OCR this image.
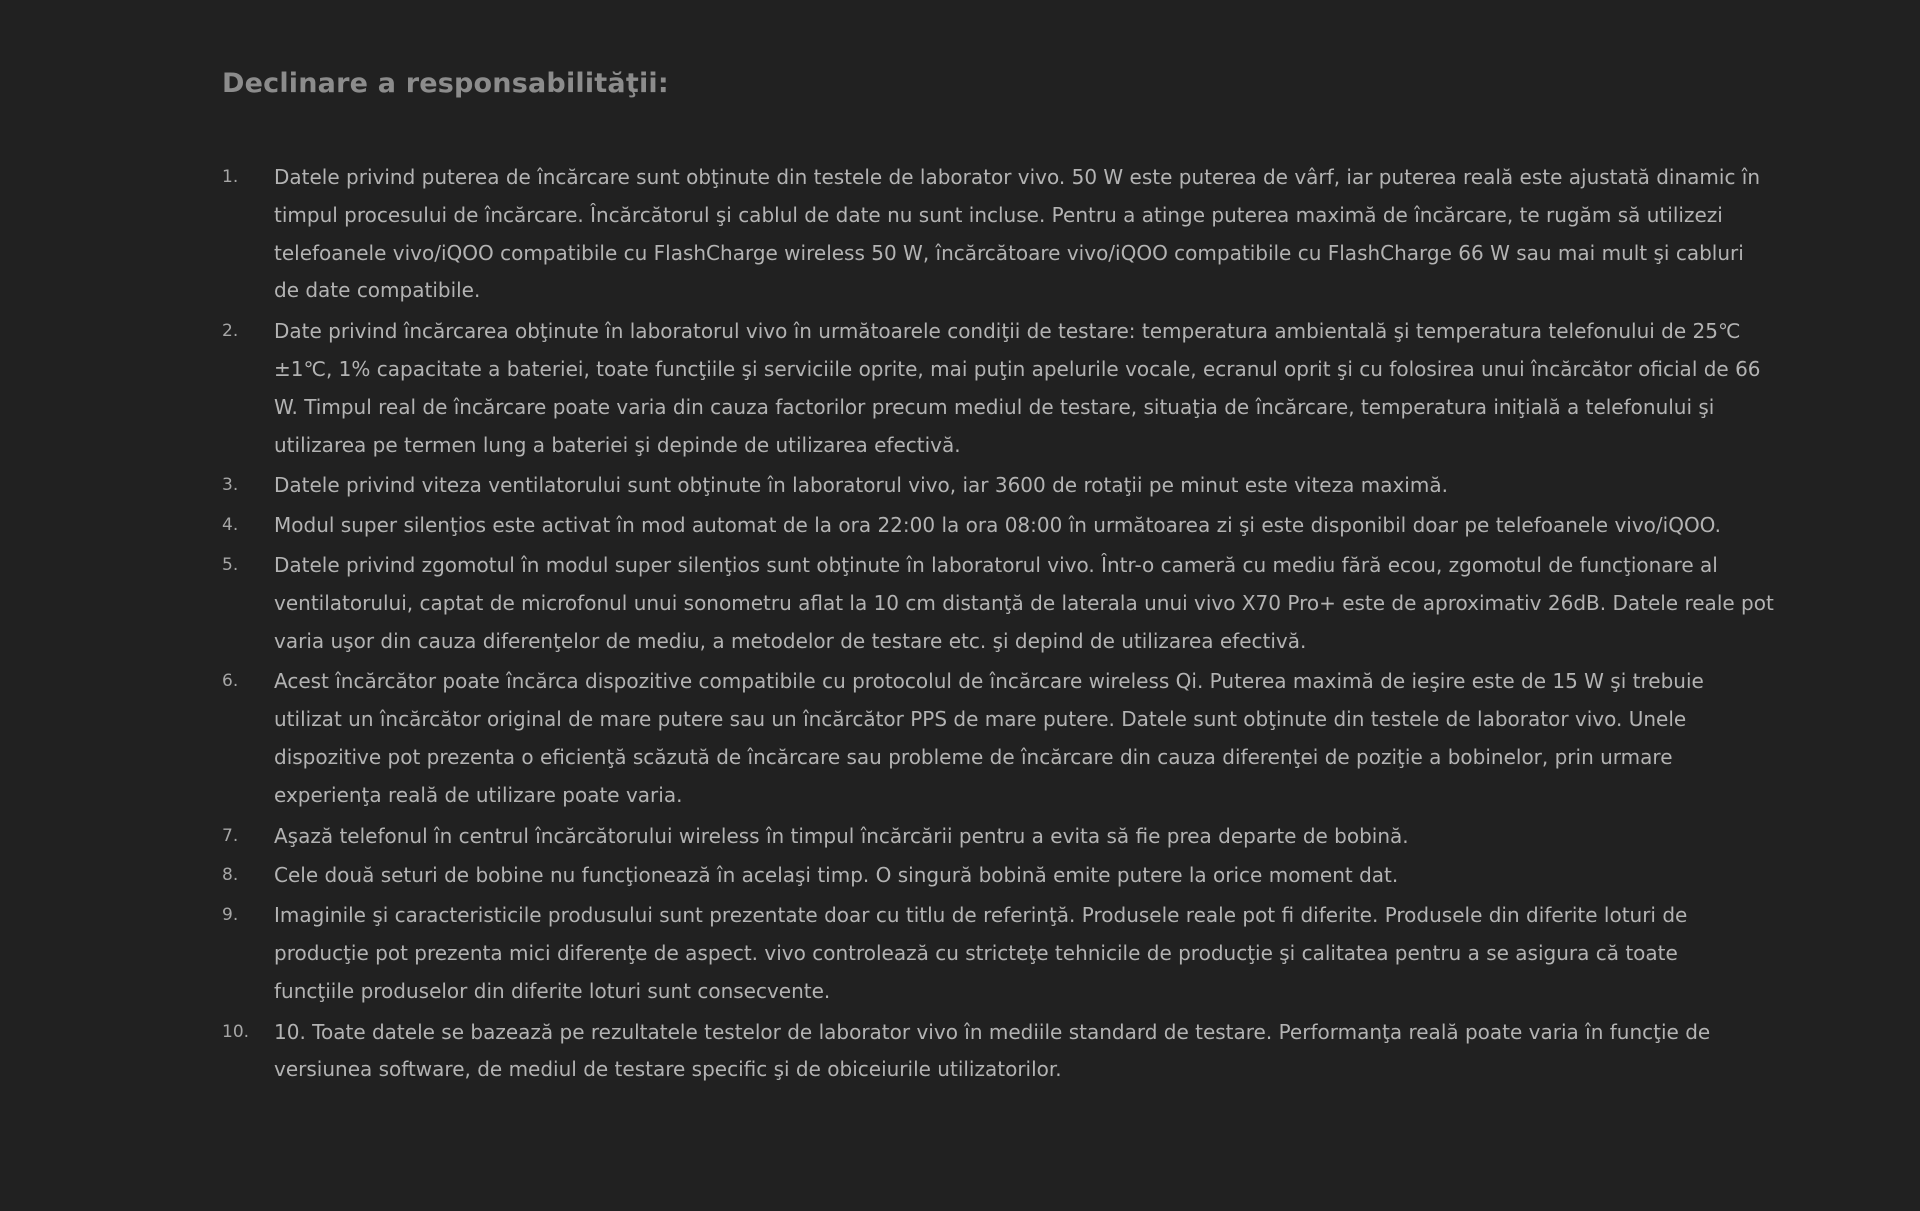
Declinare a responsabilităţii:
1. Datele privind puterea de încărcare sunt obţinute din testele de laborator vivo. 50 W este puterea de vârf, iar puterea reală este ajustată dinamic în timpul procesului de încărcare. Încărcătorul şi cablul de date nu sunt incluse. Pentru a atinge puterea maximă de încărcare, te rugăm să utilizezi telefoanele vivo/iQOO compatibile cu FlashCharge wireless 50 W, încărcătoare vivo/iQOO compatibile cu FlashCharge 66 W sau mai mult şi cabluri de date compatibile.
2. Date privind încărcarea obţinute în laboratorul vivo în următoarele condiţii de testare: temperatura ambientală şi temperatura telefonului de 25℃±1℃, 1% capacitate a bateriei, toate funcţiile şi serviciile oprite, mai puţin apelurile vocale, ecranul oprit şi cu folosirea unui încărcător oficial de 66 W. Timpul real de încărcare poate varia din cauza factorilor precum mediul de testare, situaţia de încărcare, temperatura iniţială a telefonului şi utilizarea pe termen lung a bateriei şi depinde de utilizarea efectivă.
3. Datele privind viteza ventilatorului sunt obţinute în laboratorul vivo, iar 3600 de rotaţii pe minut este viteza maximă.
4. Modul super silenţios este activat în mod automat de la ora 22:00 la ora 08:00 în următoarea zi şi este disponibil doar pe telefoanele vivo/iQOO.
5. Datele privind zgomotul în modul super silenţios sunt obţinute în laboratorul vivo. Într-o cameră cu mediu fără ecou, zgomotul de funcţionare al ventilatorului, captat de microfonul unui sonometru aflat la 10 cm distanţă de laterala unui vivo X70 Pro+ este de aproximativ 26dB. Datele reale pot varia uşor din cauza diferenţelor de mediu, a metodelor de testare etc. şi depind de utilizarea efectivă.
6. Acest încărcător poate încărca dispozitive compatibile cu protocolul de încărcare wireless Qi. Puterea maximă de ieşire este de 15 W şi trebuie utilizat un încărcător original de mare putere sau un încărcător PPS de mare putere. Datele sunt obţinute din testele de laborator vivo. Unele dispozitive pot prezenta o eficienţă scăzută de încărcare sau probleme de încărcare din cauza diferenţei de poziţie a bobinelor, prin urmare experienţa reală de utilizare poate varia.
7. Aşază telefonul în centrul încărcătorului wireless în timpul încărcării pentru a evita să fie prea departe de bobină.
8. Cele două seturi de bobine nu funcţionează în acelaşi timp. O singură bobină emite putere la orice moment dat.
9. Imaginile şi caracteristicile produsului sunt prezentate doar cu titlu de referinţă. Produsele reale pot fi diferite. Produsele din diferite loturi de producţie pot prezenta mici diferenţe de aspect. vivo controlează cu stricteţe tehnicile de producţie şi calitatea pentru a se asigura că toate funcţiile produselor din diferite loturi sunt consecvente.
10. 10. Toate datele se bazează pe rezultatele testelor de laborator vivo în mediile standard de testare. Performanţa reală poate varia în funcţie de versiunea software, de mediul de testare specific şi de obiceiurile utilizatorilor.
